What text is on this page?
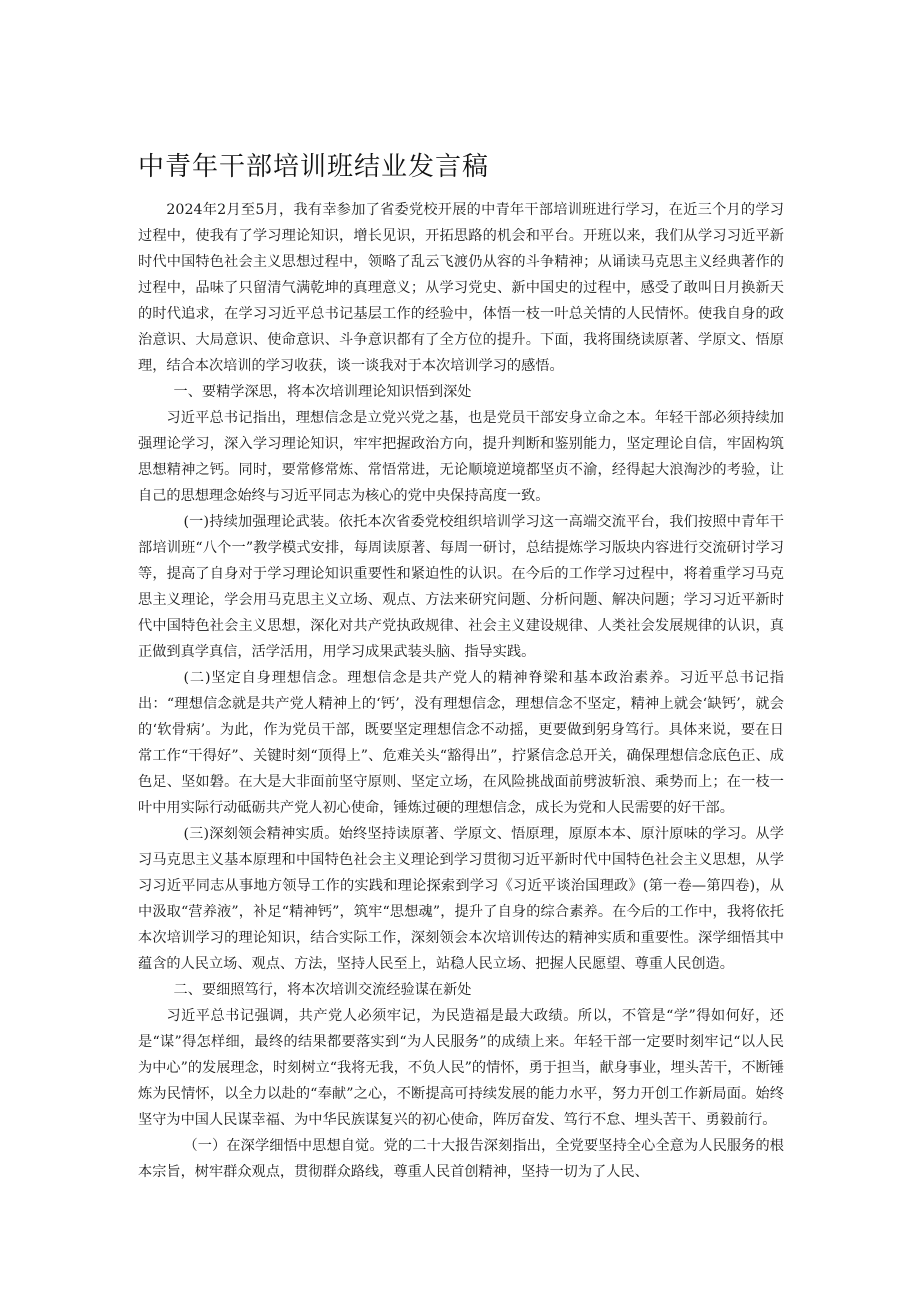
中青年干部培训班结业发言稿

2024年2月至5月，我有幸参加了省委党校开展的中青年干部培训班进行学习，在近三个月的学习过程中，使我有了学习理论知识，增长见识，开拓思路的机会和平台。开班以来，我们从学习习近平新时代中国特色社会主义思想过程中，领略了乱云飞渡仍从容的斗争精神；从诵读马克思主义经典著作的过程中，品味了只留清气满乾坤的真理意义；从学习党史、新中国史的过程中，感受了敢叫日月换新天的时代追求，在学习习近平总书记基层工作的经验中，体悟一枝一叶总关情的人民情怀。使我自身的政治意识、大局意识、使命意识、斗争意识都有了全方位的提升。下面，我将围绕读原著、学原文、悟原理，结合本次培训的学习收获，谈一谈我对于本次培训学习的感悟。

一、要精学深思，将本次培训理论知识悟到深处

习近平总书记指出，理想信念是立党兴党之基，也是党员干部安身立命之本。年轻干部必须持续加强理论学习，深入学习理论知识，牢牢把握政治方向，提升判断和鉴别能力，坚定理论自信，牢固构筑思想精神之钙。同时，要常修常炼、常悟常进，无论顺境逆境都坚贞不渝，经得起大浪淘沙的考验，让自己的思想理念始终与习近平同志为核心的党中央保持高度一致。

(一)持续加强理论武装。依托本次省委党校组织培训学习这一高端交流平台，我们按照中青年干部培训班“八个一”教学模式安排，每周读原著、每周一研讨，总结提炼学习版块内容进行交流研讨学习等，提高了自身对于学习理论知识重要性和紧迫性的认识。在今后的工作学习过程中，将着重学习马克思主义理论，学会用马克思主义立场、观点、方法来研究问题、分析问题、解决问题；学习习近平新时代中国特色社会主义思想，深化对共产党执政规律、社会主义建设规律、人类社会发展规律的认识，真正做到真学真信，活学活用，用学习成果武装头脑、指导实践。

(二)坚定自身理想信念。理想信念是共产党人的精神脊梁和基本政治素养。习近平总书记指出：“理想信念就是共产党人精神上的‘钙’，没有理想信念，理想信念不坚定，精神上就会‘缺钙’，就会的‘软骨病’。为此，作为党员干部，既要坚定理想信念不动摇，更要做到躬身笃行。具体来说，要在日常工作“干得好”、关键时刻“顶得上”、危难关头“豁得出”，拧紧信念总开关，确保理想信念底色正、成色足、坚如磐。在大是大非面前坚守原则、坚定立场，在风险挑战面前劈波斩浪、乘势而上；在一枝一叶中用实际行动砥砺共产党人初心使命，锤炼过硬的理想信念，成长为党和人民需要的好干部。

(三)深刻领会精神实质。始终坚持读原著、学原文、悟原理，原原本本、原汁原味的学习。从学习马克思主义基本原理和中国特色社会主义理论到学习贯彻习近平新时代中国特色社会主义思想，从学习习近平同志从事地方领导工作的实践和理论探索到学习《习近平谈治国理政》(第一卷—第四卷)，从中汲取“营养液”，补足“精神钙”，筑牢“思想魂”，提升了自身的综合素养。在今后的工作中，我将依托本次培训学习的理论知识，结合实际工作，深刻领会本次培训传达的精神实质和重要性。深学细悟其中蕴含的人民立场、观点、方法，坚持人民至上，站稳人民立场、把握人民愿望、尊重人民创造。

二、要细照笃行，将本次培训交流经验谋在新处

习近平总书记强调，共产党人必须牢记，为民造福是最大政绩。所以，不管是“学”得如何好，还是“谋”得怎样细，最终的结果都要落实到“为人民服务”的成绩上来。年轻干部一定要时刻牢记“以人民为中心”的发展理念，时刻树立“我将无我，不负人民”的情怀，勇于担当，献身事业，埋头苦干，不断锤炼为民情怀，以全力以赴的“奉献”之心，不断提高可持续发展的能力水平，努力开创工作新局面。始终坚守为中国人民谋幸福、为中华民族谋复兴的初心使命，阵厉奋发、笃行不怠、埋头苦干、勇毅前行。

（一）在深学细悟中思想自觉。党的二十大报告深刻指出，全党要坚持全心全意为人民服务的根本宗旨，树牢群众观点，贯彻群众路线，尊重人民首创精神，坚持一切为了人民、
